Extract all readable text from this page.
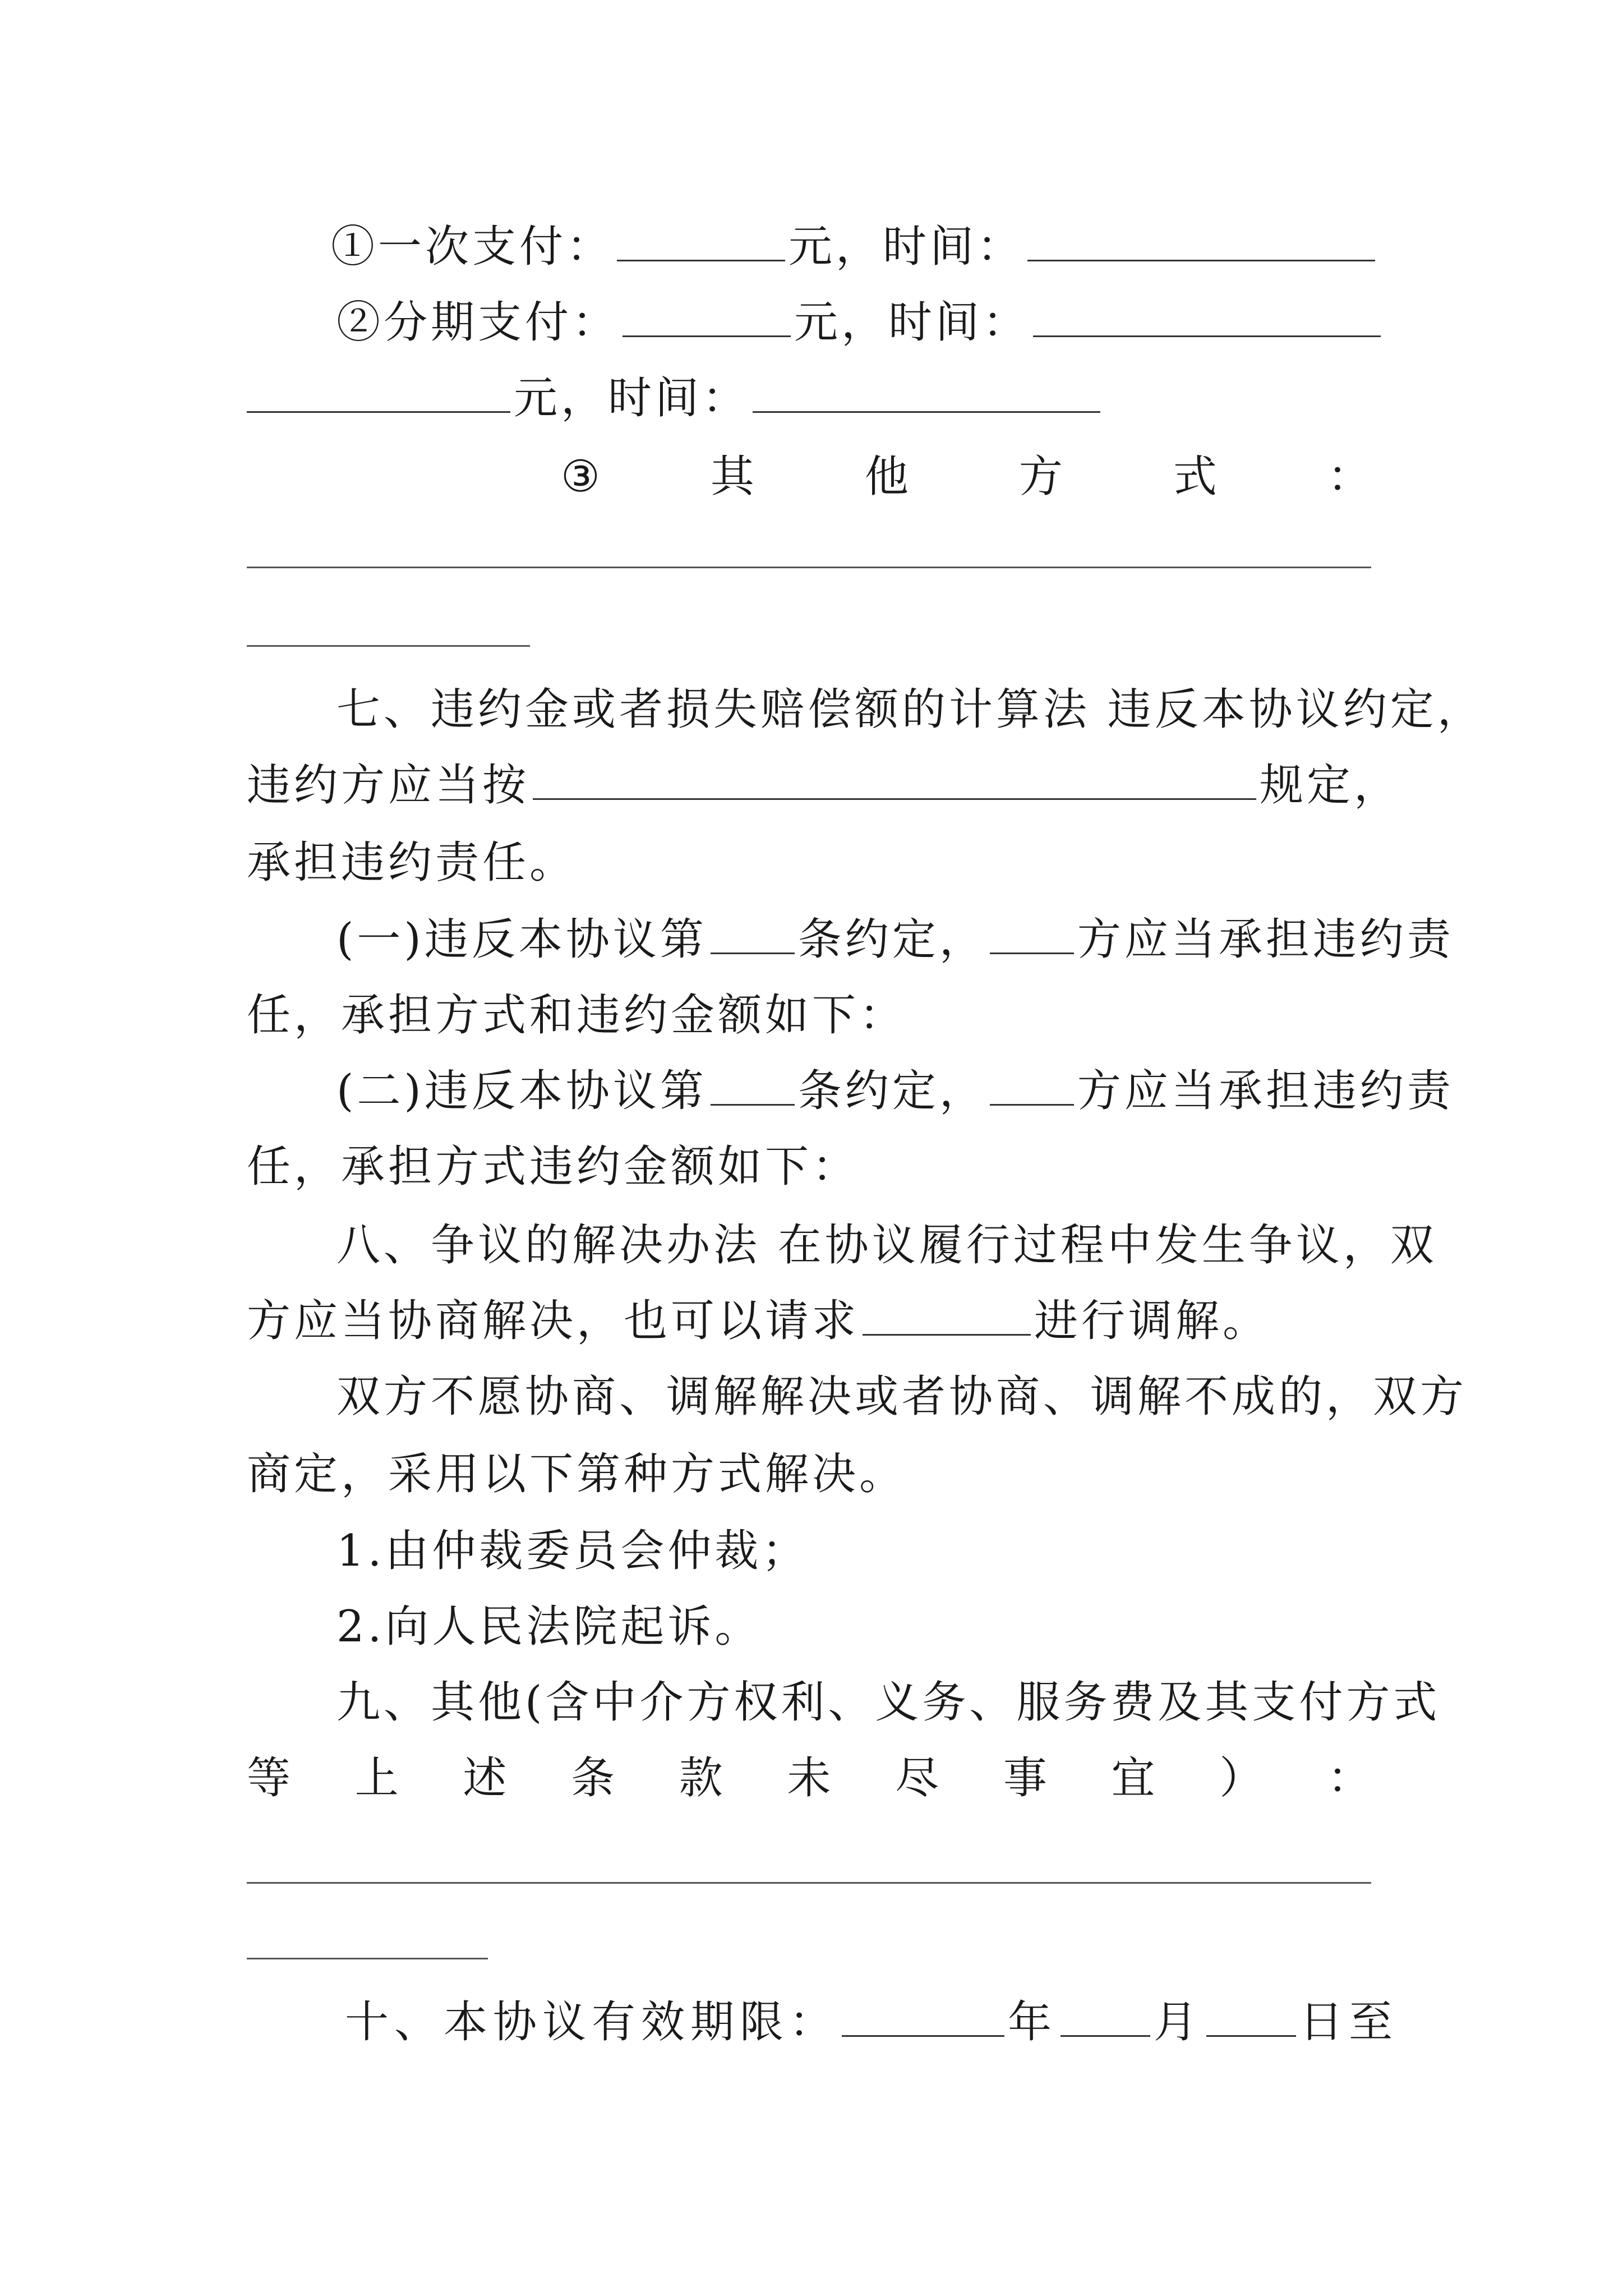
①一次支付：	元，时间：
②分期支付：	元，时间：
元，时间：
③	其	他	方	式	：
七、违约金或者损失赔偿额的计算法 违反本协议约定，
违约方应当按	规定，
承担违约责任。
(一)违反本协议第 条约定， 方应当承担违约责
任，承担方式和违约金额如下：
(二)违反本协议第 条约定， 方应当承担违约责
任，承担方式违约金额如下：
八、争议的解决办法 在协议履行过程中发生争议，双
方应当协商解决，也可以请求	进行调解。
双方不愿协商、调解解决或者协商、调解不成的，双方
商定，采用以下第种方式解决。
1.由仲裁委员会仲裁；
2.向人民法院起诉。
九、其他(含中介方权利、义务、服务费及其支付方式
等 上 述 条 款 未 尽 事 宜 ） ：
十、本协议有效期限：	年 月 日至
